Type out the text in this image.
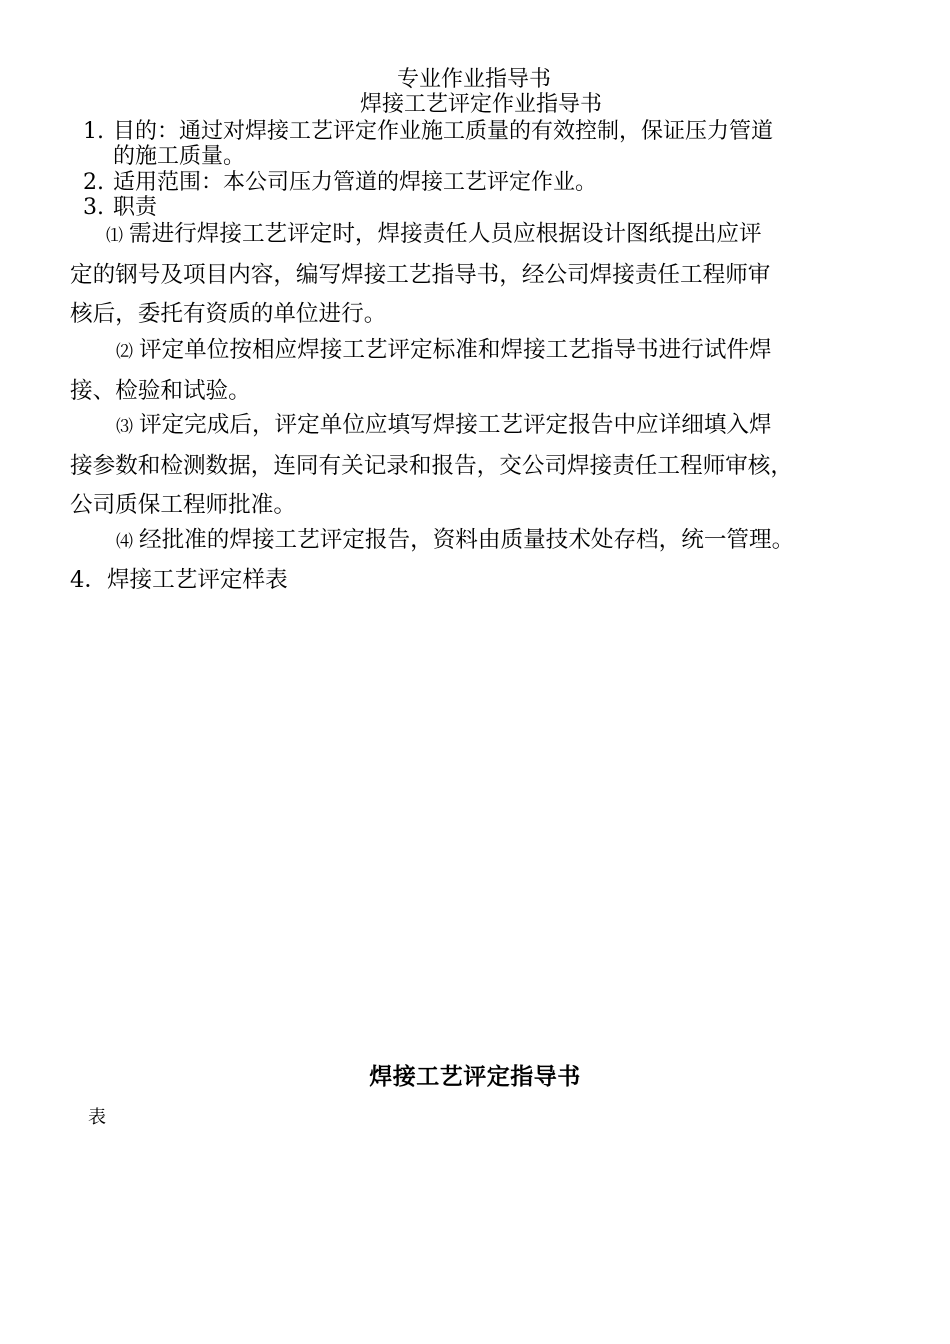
专业作业指导书
焊接工艺评定作业指导书
1. 目的：通过对焊接工艺评定作业施工质量的有效控制，保证压力管道
的施工质量。
2. 适用范围：本公司压力管道的焊接工艺评定作业。
3. 职责
⑴ 需进行焊接工艺评定时，焊接责任人员应根据设计图纸提出应评
定的钢号及项目内容，编写焊接工艺指导书，经公司焊接责任工程师审
核后，委托有资质的单位进行。
⑵ 评定单位按相应焊接工艺评定标准和焊接工艺指导书进行试件焊
接、检验和试验。
⑶ 评定完成后，评定单位应填写焊接工艺评定报告中应详细填入焊
接参数和检测数据，连同有关记录和报告，交公司焊接责任工程师审核，
公司质保工程师批准。
⑷ 经批准的焊接工艺评定报告，资料由质量技术处存档，统一管理。
4．焊接工艺评定样表
焊接工艺评定指导书
表
